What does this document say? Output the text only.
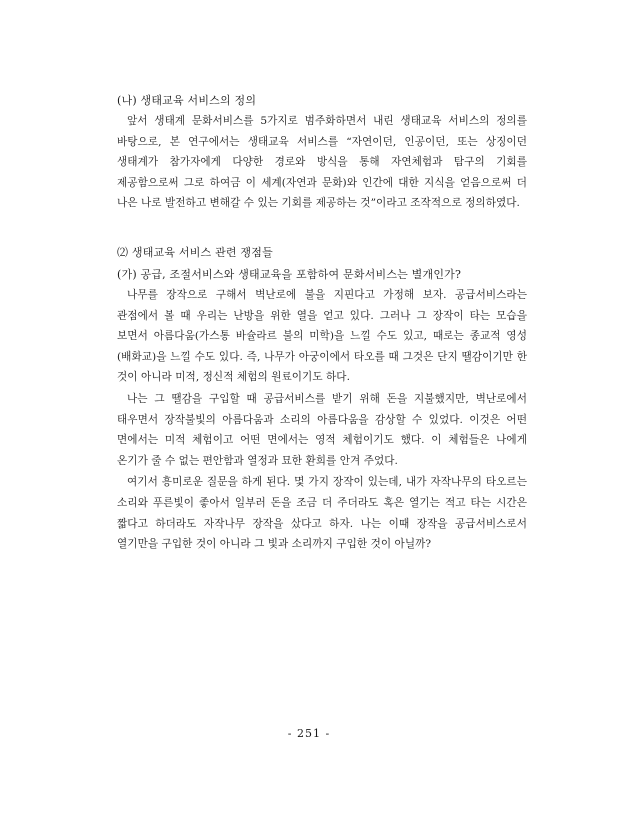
(나) 생태교육 서비스의 정의

앞서 생태계 문화서비스를 5가지로 범주화하면서 내린 생태교육 서비스의 정의를 바탕으로, 본 연구에서는 생태교육 서비스를 “자연이던, 인공이던, 또는 상징이던 생태계가 참가자에게 다양한 경로와 방식을 통해 자연체험과 탐구의 기회를 제공함으로써 그로 하여금 이 세계(자연과 문화)와 인간에 대한 지식을 얻음으로써 더 나은 나로 발전하고 변해갈 수 있는 기회를 제공하는 것”이라고 조작적으로 정의하였다.

⑵ 생태교육 서비스 관련 쟁점들

(가) 공급, 조절서비스와 생태교육을 포함하여 문화서비스는 별개인가?

나무를 장작으로 구해서 벽난로에 불을 지핀다고 가정해 보자. 공급서비스라는 관점에서 볼 때 우리는 난방을 위한 열을 얻고 있다. 그러나 그 장작이 타는 모습을 보면서 아름다움(가스통 바슐라르 불의 미학)을 느낄 수도 있고, 때로는 종교적 영성(배화교)을 느낄 수도 있다. 즉, 나무가 아궁이에서 타오를 때 그것은 단지 땔감이기만 한 것이 아니라 미적, 정신적 체험의 원료이기도 하다.

나는 그 땔감을 구입할 때 공급서비스를 받기 위해 돈을 지불했지만, 벽난로에서 태우면서 장작불빛의 아름다움과 소리의 아름다움을 감상할 수 있었다. 이것은 어떤 면에서는 미적 체험이고 어떤 면에서는 영적 체험이기도 했다. 이 체험들은 나에게 온기가 줄 수 없는 편안함과 열정과 묘한 환희를 안겨 주었다.

여기서 흥미로운 질문을 하게 된다. 몇 가지 장작이 있는데, 내가 자작나무의 타오르는 소리와 푸른빛이 좋아서 일부러 돈을 조금 더 주더라도 혹은 열기는 적고 타는 시간은 짧다고 하더라도 자작나무 장작을 샀다고 하자. 나는 이때 장작을 공급서비스로서 열기만을 구입한 것이 아니라 그 빛과 소리까지 구입한 것이 아닐까?

- 251 -
